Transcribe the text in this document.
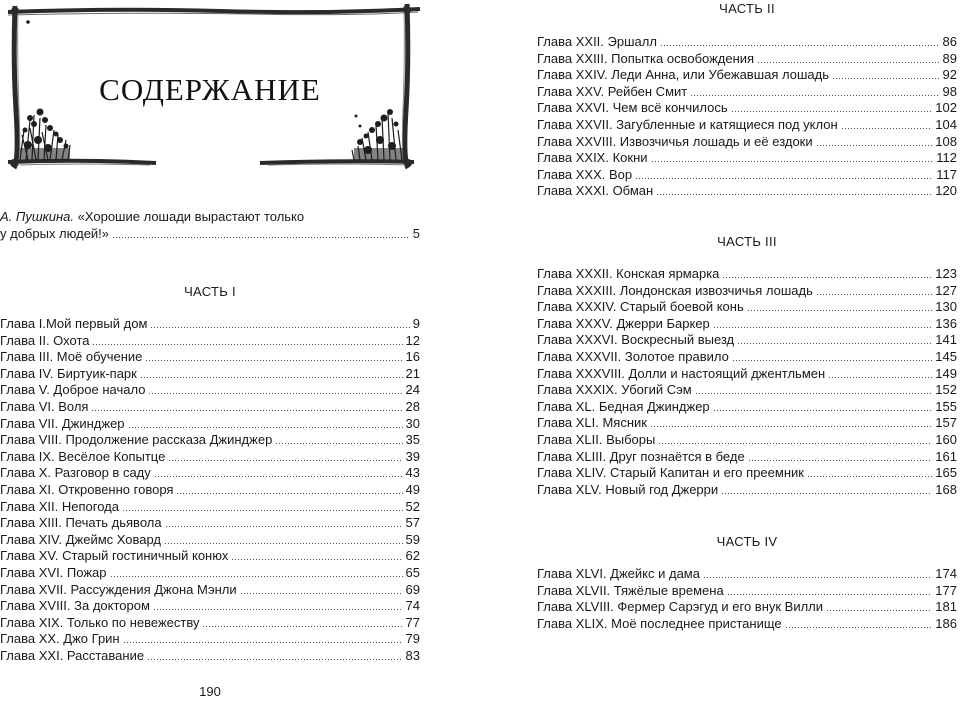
СОДЕРЖАНИЕ
А. Пушкина. «Хорошие лошади вырастают только
у добрых людей!»	5
ЧАСТЬ I
Глава I.Мой первый дом	9
Глава II. Охота	12
Глава III. Моё обучение	16
Глава IV. Биртуик-парк	21
Глава V. Доброе начало	24
Глава VI. Воля	28
Глава VII. Джинджер	30
Глава VIII. Продолжение рассказа Джинджер	35
Глава IX. Весёлое Копытце	39
Глава X. Разговор в саду	43
Глава XI. Откровенно говоря	49
Глава XII. Непогода	52
Глава XIII. Печать дьявола	57
Глава XIV. Джеймс Ховард	59
Глава XV. Старый гостиничный конюх	62
Глава XVI. Пожар	65
Глава XVII. Рассуждения Джона Мэнли	69
Глава XVIII. За доктором	74
Глава XIX. Только по невежеству	77
Глава XX. Джо Грин	79
Глава XXI. Расставание	83
190
ЧАСТЬ II
Глава XXII. Эршалл	86
Глава XXIII. Попытка освобождения	89
Глава XXIV. Леди Анна, или Убежавшая лошадь	92
Глава XXV. Рейбен Смит	98
Глава XXVI. Чем всё кончилось	102
Глава XXVII. Загубленные и катящиеся под уклон	104
Глава XXVIII. Извозчичья лошадь и её ездоки	108
Глава XXIX. Кокни	112
Глава XXX. Вор	117
Глава XXXI. Обман	120
ЧАСТЬ III
Глава XXXII. Конская ярмарка	123
Глава XXXIII. Лондонская извозчичья лошадь	127
Глава XXXIV. Старый боевой конь	130
Глава XXXV. Джерри Баркер	136
Глава XXXVI. Воскресный выезд	141
Глава XXXVII. Золотое правило	145
Глава XXXVIII. Долли и настоящий джентльмен	149
Глава XXXIX. Убогий Сэм	152
Глава XL. Бедная Джинджер	155
Глава XLI. Мясник	157
Глава XLII. Выборы	160
Глава XLIII. Друг познаётся в беде	161
Глава XLIV. Старый Капитан и его преемник	165
Глава XLV. Новый год Джерри	168
ЧАСТЬ IV
Глава XLVI. Джейкс и дама	174
Глава XLVII. Тяжёлые времена	177
Глава XLVIII. Фермер Сарэгуд и его внук Вилли	181
Глава XLIX. Моё последнее пристанище	186
